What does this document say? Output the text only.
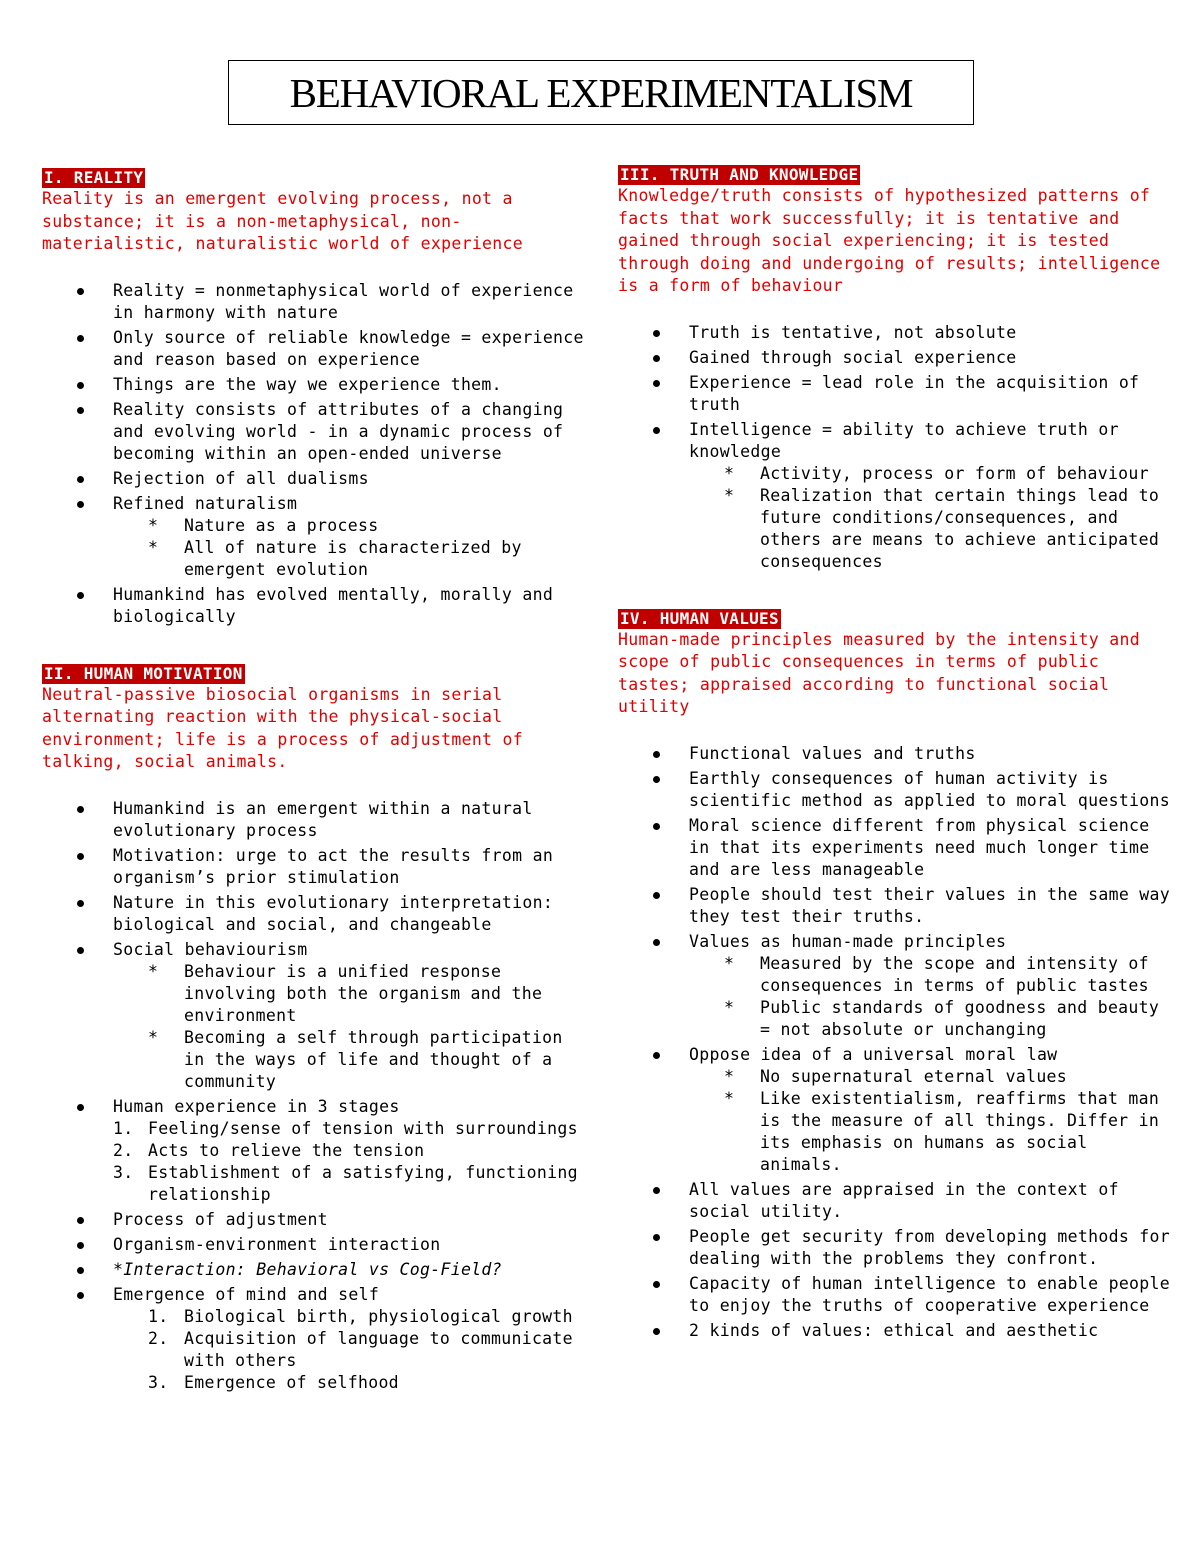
BEHAVIORAL EXPERIMENTALISM
I. REALITY

Reality is an emergent evolving process, not a substance; it is a non-metaphysical, non-materialistic, naturalistic world of experience

Reality = nonmetaphysical world of experience in harmony with nature
Only source of reliable knowledge = experience and reason based on experience
Things are the way we experience them.
Reality consists of attributes of a changing and evolving world - in a dynamic process of becoming within an open-ended universe
Rejection of all dualisms
Refined naturalism
* Nature as a process
* All of nature is characterized by emergent evolution
Humankind has evolved mentally, morally and biologically
II. HUMAN MOTIVATION

Neutral-passive biosocial organisms in serial alternating reaction with the physical-social environment; life is a process of adjustment of talking, social animals.

Humankind is an emergent within a natural evolutionary process
Motivation: urge to act the results from an organism’s prior stimulation
Nature in this evolutionary interpretation: biological and social, and changeable
Social behaviourism
* Behaviour is a unified response involving both the organism and the environment
* Becoming a self through participation in the ways of life and thought of a community
Human experience in 3 stages
1. Feeling/sense of tension with surroundings
2. Acts to relieve the tension
3. Establishment of a satisfying, functioning relationship
Process of adjustment
Organism-environment interaction
*Interaction: Behavioral vs Cog-Field?
Emergence of mind and self
1. Biological birth, physiological growth
2. Acquisition of language to communicate with others
3. Emergence of selfhood
III. TRUTH AND KNOWLEDGE

Knowledge/truth consists of hypothesized patterns of facts that work successfully; it is tentative and gained through social experiencing; it is tested through doing and undergoing of results; intelligence is a form of behaviour

Truth is tentative, not absolute
Gained through social experience
Experience = lead role in the acquisition of truth
Intelligence = ability to achieve truth or knowledge
* Activity, process or form of behaviour
* Realization that certain things lead to future conditions/consequences, and others are means to achieve anticipated consequences
IV. HUMAN VALUES

Human-made principles measured by the intensity and scope of public consequences in terms of public tastes; appraised according to functional social utility

Functional values and truths
Earthly consequences of human activity is scientific method as applied to moral questions
Moral science different from physical science in that its experiments need much longer time and are less manageable
People should test their values in the same way they test their truths.
Values as human-made principles
* Measured by the scope and intensity of consequences in terms of public tastes
* Public standards of goodness and beauty = not absolute or unchanging
Oppose idea of a universal moral law
* No supernatural eternal values
* Like existentialism, reaffirms that man is the measure of all things. Differ in its emphasis on humans as social animals.
All values are appraised in the context of social utility.
People get security from developing methods for dealing with the problems they confront.
Capacity of human intelligence to enable people to enjoy the truths of cooperative experience
2 kinds of values: ethical and aesthetic
